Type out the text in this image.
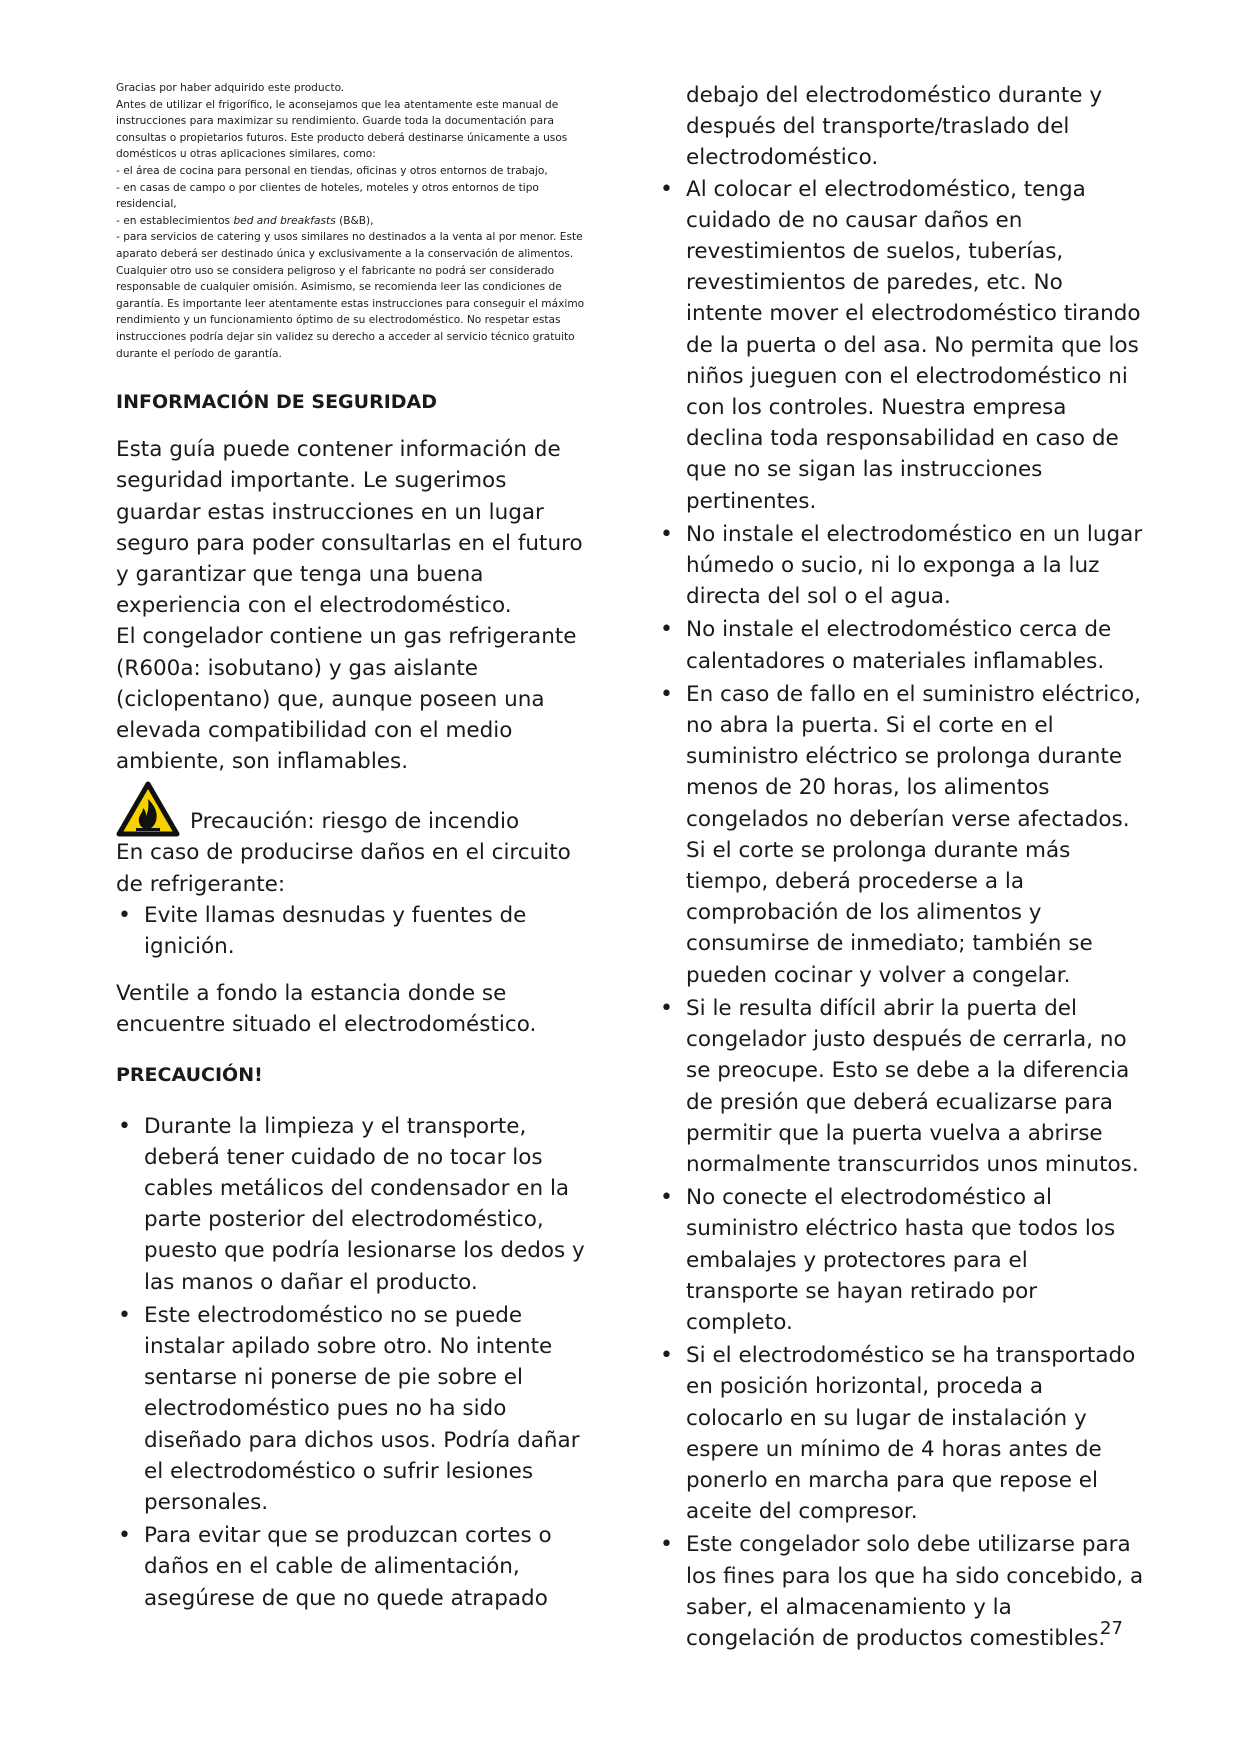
Gracias por haber adquirido este producto.

Antes de utilizar el frigorífico, le aconsejamos que lea atentamente este manual de instrucciones para maximizar su rendimiento. Guarde toda la documentación para consultas o propietarios futuros. Este producto deberá destinarse únicamente a usos domésticos u otras aplicaciones similares, como:

- el área de cocina para personal en tiendas, oficinas y otros entornos de trabajo,

- en casas de campo o por clientes de hoteles, moteles y otros entornos de tipo residencial,

- en establecimientos bed and breakfasts (B&B),

- para servicios de catering y usos similares no destinados a la venta al por menor. Este aparato deberá ser destinado única y exclusivamente a la conservación de alimentos. Cualquier otro uso se considera peligroso y el fabricante no podrá ser considerado responsable de cualquier omisión. Asimismo, se recomienda leer las condiciones de garantía. Es importante leer atentamente estas instrucciones para conseguir el máximo rendimiento y un funcionamiento óptimo de su electrodoméstico. No respetar estas instrucciones podría dejar sin validez su derecho a acceder al servicio técnico gratuito durante el período de garantía.

INFORMACIÓN DE SEGURIDAD

Esta guía puede contener información de seguridad importante. Le sugerimos guardar estas instrucciones en un lugar seguro para poder consultarlas en el futuro y garantizar que tenga una buena experiencia con el electrodoméstico.

El congelador contiene un gas refrigerante (R600a: isobutano) y gas aislante (ciclopentano) que, aunque poseen una elevada compatibilidad con el medio ambiente, son inflamables.

Precaución: riesgo de incendio

En caso de producirse daños en el circuito de refrigerante:

• Evite llamas desnudas y fuentes de ignición.

Ventile a fondo la estancia donde se encuentre situado el electrodoméstico.

PRECAUCIÓN!
• Durante la limpieza y el transporte, deberá tener cuidado de no tocar los cables metálicos del condensador en la parte posterior del electrodoméstico, puesto que podría lesionarse los dedos y las manos o dañar el producto.
• Este electrodoméstico no se puede instalar apilado sobre otro. No intente sentarse ni ponerse de pie sobre el electrodoméstico pues no ha sido diseñado para dichos usos. Podría dañar el electrodoméstico o sufrir lesiones personales.
• Para evitar que se produzcan cortes o daños en el cable de alimentación, asegúrese de que no quede atrapado

debajo del electrodoméstico durante y después del transporte/traslado del electrodoméstico.

• Al colocar el electrodoméstico, tenga cuidado de no causar daños en revestimientos de suelos, tuberías, revestimientos de paredes, etc. No intente mover el electrodoméstico tirando de la puerta o del asa. No permita que los niños jueguen con el electrodoméstico ni con los controles. Nuestra empresa declina toda responsabilidad en caso de que no se sigan las instrucciones pertinentes.
• No instale el electrodoméstico en un lugar húmedo o sucio, ni lo exponga a la luz directa del sol o el agua.
• No instale el electrodoméstico cerca de calentadores o materiales inflamables.
• En caso de fallo en el suministro eléctrico, no abra la puerta. Si el corte en el suministro eléctrico se prolonga durante menos de 20 horas, los alimentos congelados no deberían verse afectados. Si el corte se prolonga durante más tiempo, deberá procederse a la comprobación de los alimentos y consumirse de inmediato; también se pueden cocinar y volver a congelar.
• Si le resulta difícil abrir la puerta del congelador justo después de cerrarla, no se preocupe. Esto se debe a la diferencia de presión que deberá ecualizarse para permitir que la puerta vuelva a abrirse normalmente transcurridos unos minutos.
• No conecte el electrodoméstico al suministro eléctrico hasta que todos los embalajes y protectores para el transporte se hayan retirado por completo.
• Si el electrodoméstico se ha transportado en posición horizontal, proceda a colocarlo en su lugar de instalación y espere un mínimo de 4 horas antes de ponerlo en marcha para que repose el aceite del compresor.
• Este congelador solo debe utilizarse para los fines para los que ha sido concebido, a saber, el almacenamiento y la congelación de productos comestibles.
27
